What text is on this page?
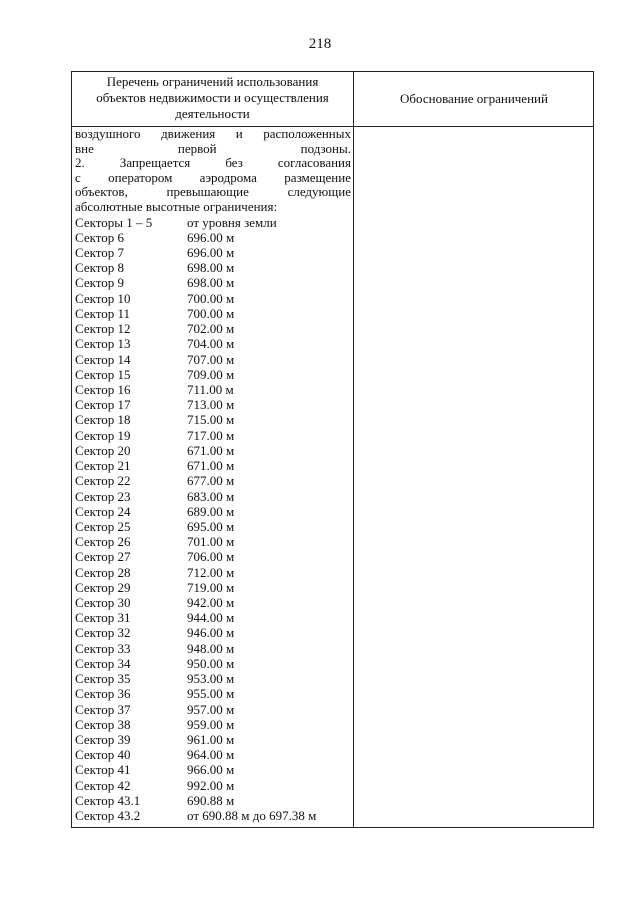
218
Перечень ограничений использования
объектов недвижимости и осуществления
деятельности
Обоснование ограничений
воздушного движения и расположенных
вне первой подзоны.
2. Запрещается без согласования
с оператором аэродрома размещение
объектов, превышающие следующие
абсолютные высотные ограничения:
Секторы 1 – 5	от уровня земли
Сектор 6	696.00 м
Сектор 7	696.00 м
Сектор 8	698.00 м
Сектор 9	698.00 м
Сектор 10	700.00 м
Сектор 11	700.00 м
Сектор 12	702.00 м
Сектор 13	704.00 м
Сектор 14	707.00 м
Сектор 15	709.00 м
Сектор 16	711.00 м
Сектор 17	713.00 м
Сектор 18	715.00 м
Сектор 19	717.00 м
Сектор 20	671.00 м
Сектор 21	671.00 м
Сектор 22	677.00 м
Сектор 23	683.00 м
Сектор 24	689.00 м
Сектор 25	695.00 м
Сектор 26	701.00 м
Сектор 27	706.00 м
Сектор 28	712.00 м
Сектор 29	719.00 м
Сектор 30	942.00 м
Сектор 31	944.00 м
Сектор 32	946.00 м
Сектор 33	948.00 м
Сектор 34	950.00 м
Сектор 35	953.00 м
Сектор 36	955.00 м
Сектор 37	957.00 м
Сектор 38	959.00 м
Сектор 39	961.00 м
Сектор 40	964.00 м
Сектор 41	966.00 м
Сектор 42	992.00 м
Сектор 43.1	690.88 м
Сектор 43.2	от 690.88 м до 697.38 м
